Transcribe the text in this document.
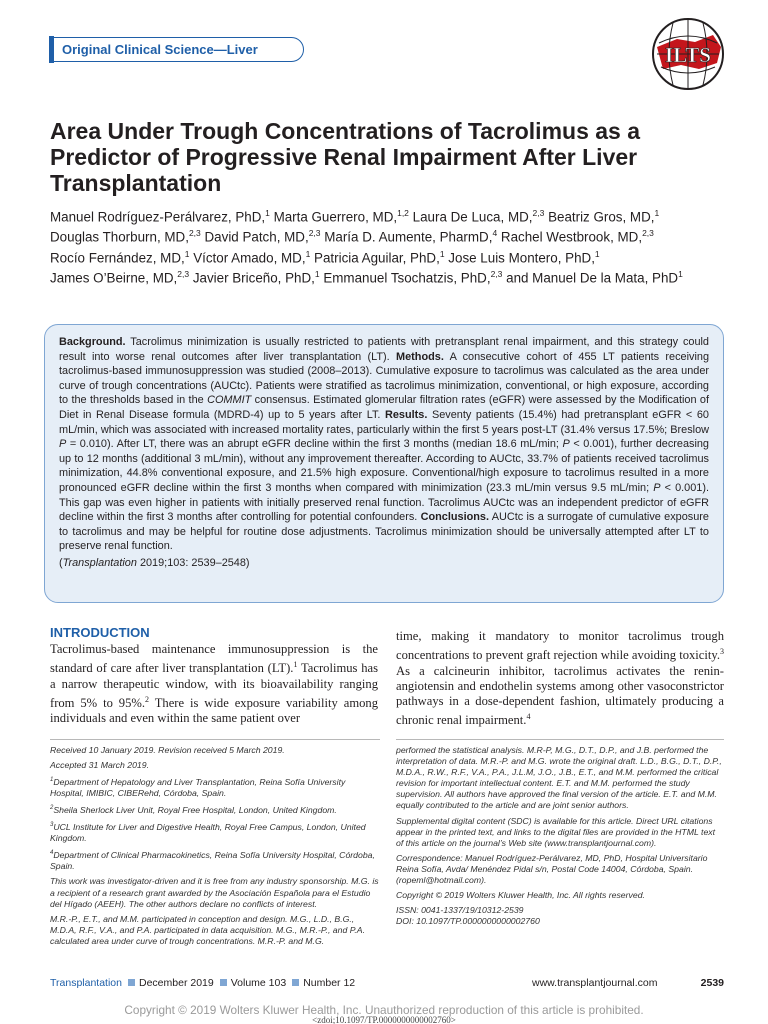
Original Clinical Science—Liver	ILTS
Area Under Trough Concentrations of Tacrolimus as a Predictor of Progressive Renal Impairment After Liver Transplantation
Manuel Rodríguez-Perálvarez, PhD,$^1$ Marta Guerrero, MD,$^{1,2}$ Laura De Luca, MD,$^{2,3}$ Beatriz Gros, MD,$^1$
Douglas Thorburn, MD,$^{2,3}$ David Patch, MD,$^{2,3}$ María D. Aumente, PharmD,$^4$ Rachel Westbrook, MD,$^{2,3}$
Rocío Fernández, MD,$^1$ Víctor Amado, MD,$^1$ Patricia Aguilar, PhD,$^1$ Jose Luis Montero, PhD,$^1$
James O’Beirne, MD,$^{2,3}$ Javier Briceño, PhD,$^1$ Emmanuel Tsochatzis, PhD,$^{2,3}$ and Manuel De la Mata, PhD$^1$
Background. Tacrolimus minimization is usually restricted to patients with pretransplant renal impairment, and this strategy could result into worse renal outcomes after liver transplantation (LT). Methods. A consecutive cohort of 455 LT patients receiving tacrolimus-based immunosuppression was studied (2008–2013). Cumulative exposure to tacrolimus was calculated as the area under curve of trough concentrations (AUCtc). Patients were stratified as tacrolimus minimization, conventional, or high exposure, according to the thresholds based in the COMMIT consensus. Estimated glomerular filtration rates (eGFR) were assessed by the Modification of Diet in Renal Disease formula (MDRD-4) up to 5 years after LT. Results. Seventy patients (15.4%) had pretransplant eGFR < 60 mL/min, which was associated with increased mortality rates, particularly within the first 5 years post-LT (31.4% versus 17.5%; Breslow P = 0.010). After LT, there was an abrupt eGFR decline within the first 3 months (median 18.6 mL/min; P < 0.001), further decreasing up to 12 months (additional 3 mL/min), without any improvement thereafter. According to AUCtc, 33.7% of patients received tacrolimus minimization, 44.8% conventional exposure, and 21.5% high exposure. Conventional/high exposure to tacrolimus resulted in a more pronounced eGFR decline within the first 3 months when compared with minimization (23.3 mL/min versus 9.5 mL/min; P < 0.001). This gap was even higher in patients with initially preserved renal function. Tacrolimus AUCtc was an independent predictor of eGFR decline within the first 3 months after controlling for potential confounders. Conclusions. AUCtc is a surrogate of cumulative exposure to tacrolimus and may be helpful for routine dose adjustments. Tacrolimus minimization should be universally attempted after LT to preserve renal function.
(Transplantation 2019;103: 2539–2548)
INTRODUCTION

Tacrolimus-based maintenance immunosuppression is the standard of care after liver transplantation (LT).$^1$ Tacrolimus has a narrow therapeutic window, with its bioavailability ranging from 5% to 95%.$^2$ There is wide exposure variability among individuals and even within the same patient over

time, making it mandatory to monitor tacrolimus trough concentrations to prevent graft rejection while avoiding toxicity.$^3$ As a calcineurin inhibitor, tacrolimus activates the renin-angiotensin and endothelin systems among other vasoconstrictor pathways in a dose-dependent fashion, ultimately producing a chronic renal impairment.$^4$

Received 10 January 2019. Revision received 5 March 2019.

Accepted 31 March 2019.

$^1$Department of Hepatology and Liver Transplantation, Reina Sofía University Hospital, IMIBIC, CIBERehd, Córdoba, Spain.

$^2$Sheila Sherlock Liver Unit, Royal Free Hospital, London, United Kingdom.

$^3$UCL Institute for Liver and Digestive Health, Royal Free Campus, London, United Kingdom.

$^4$Department of Clinical Pharmacokinetics, Reina Sofía University Hospital, Córdoba, Spain.

This work was investigator-driven and it is free from any industry sponsorship. M.G. is a recipient of a research grant awarded by the Asociación Española para el Estudio del Hígado (AEEH). The other authors declare no conflicts of interest.

M.R.-P., E.T., and M.M. participated in conception and design. M.G., L.D., B.G., M.D.A, R.F., V.A., and P.A. participated in data acquisition. M.G., M.R.-P., and P.A. calculated area under curve of trough concentrations. M.R.-P. and M.G.

performed the statistical analysis. M.R-P, M.G., D.T., D.P., and J.B. performed the interpretation of data. M.R.-P. and M.G. wrote the original draft. L.D., B.G., D.T., D.P., M.D.A., R.W., R.F., V.A., P.A., J.L.M, J.O., J.B., E.T., and M.M. performed the critical revision for important intellectual content. E.T. and M.M. performed the study supervision. All authors have approved the final version of the article. E.T. and M.M. equally contributed to the article and are joint senior authors.

Supplemental digital content (SDC) is available for this article. Direct URL citations appear in the printed text, and links to the digital files are provided in the HTML text of this article on the journal’s Web site (www.transplantjournal.com).

Correspondence: Manuel Rodríguez-Perálvarez, MD, PhD, Hospital Universitario Reina Sofía, Avda/ Menéndez Pidal s/n, Postal Code 14004, Córdoba, Spain. (ropeml@hotmail.com).

Copyright © 2019 Wolters Kluwer Health, Inc. All rights reserved.

ISSN: 0041-1337/19/10312-2539

DOI: 10.1097/TP.0000000000002760

Transplantation December 2019 Volume 103 Number 12	www.transplantjournal.com	2539
Copyright © 2019 Wolters Kluwer Health, Inc. Unauthorized reproduction of this article is prohibited.
<zdoi;10.1097/TP.0000000000002760>
